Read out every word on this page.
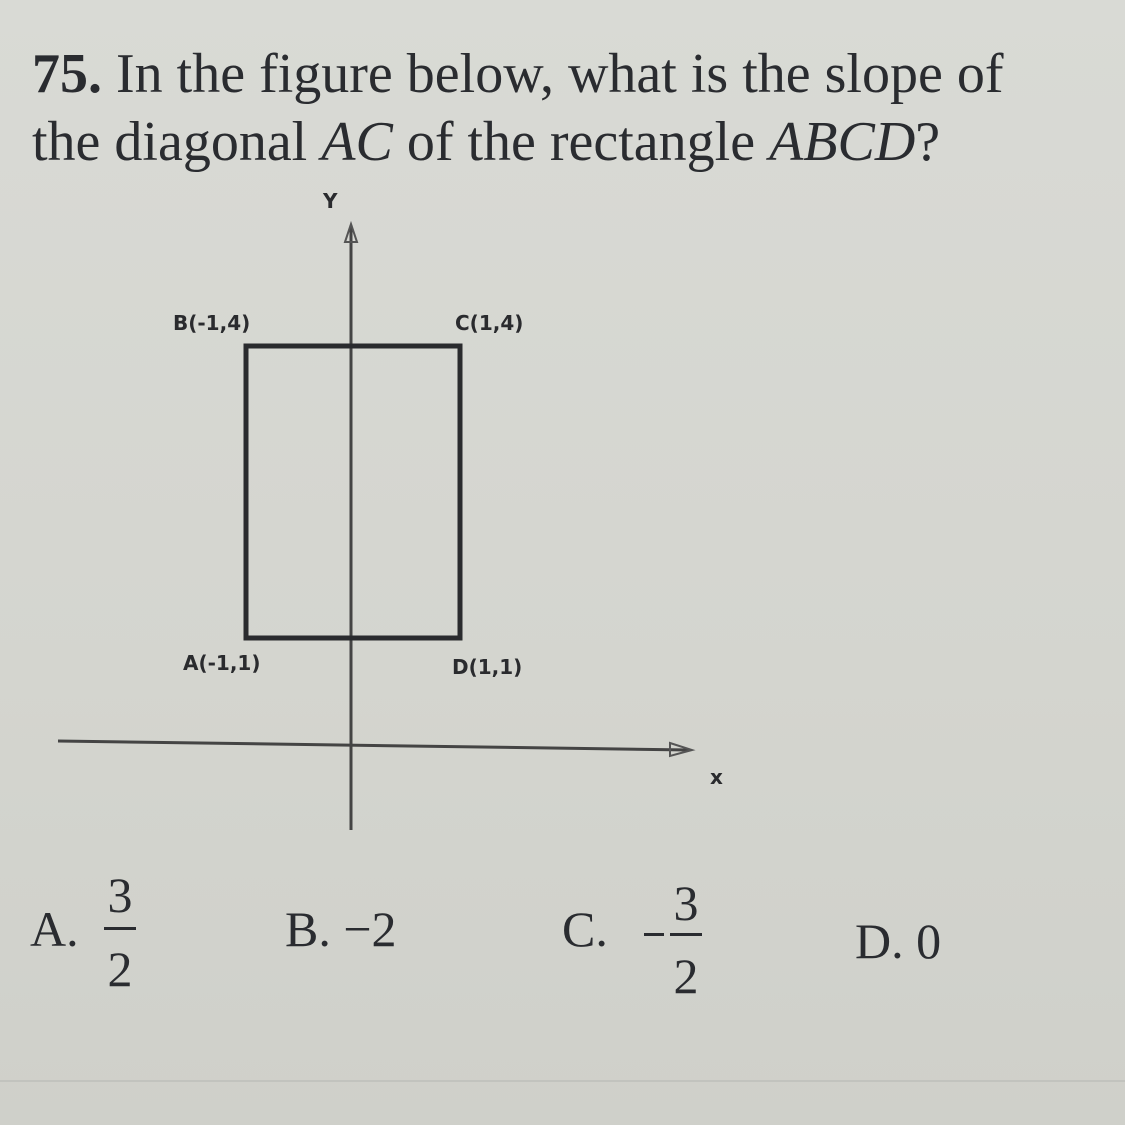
75. In the figure below, what is the slope of
the diagonal AC of the rectangle ABCD?
Y
x
B(-1,4)	C(1,4)
A(-1,1)	D(1,1)
A.
3
2
B. −2	C. 3
2
D. 0
